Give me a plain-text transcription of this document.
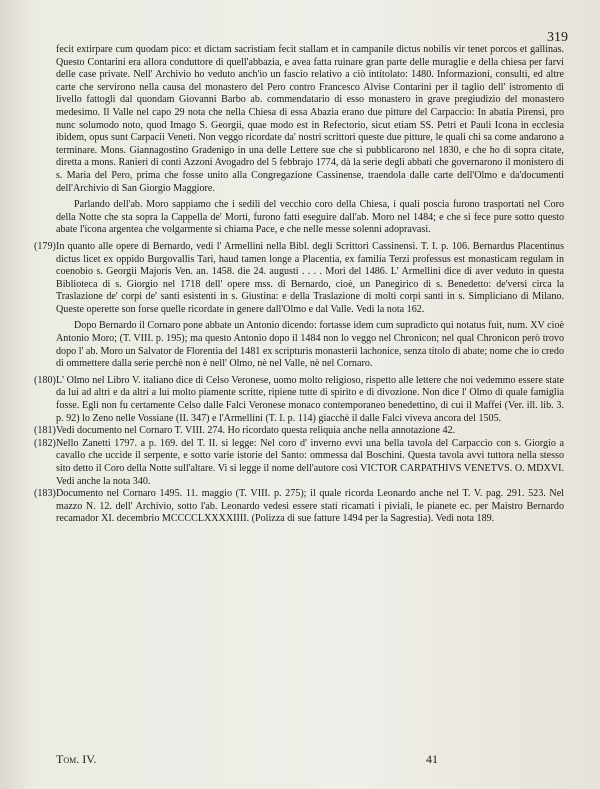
319

fecit extirpare cum quodam pico: et dictam sacristiam fecit stallam et in campanile dictus nobilis vir tenet porcos et gallinas. Questo Contarini era allora conduttore di quell'abbazia, e avea fatta ruinare gran parte delle muraglie e della chiesa per farvi delle case private. Nell' Archivio ho veduto anch'io un fascio relativo a ciò intitolato: 1480. Informazioni, consulti, ed altre carte che servirono nella causa del monastero del Pero contro Francesco Alvise Contarini per il taglio dell' istromento di livello fattogli dal quondam Giovanni Barbo ab. commendatario di esso monastero in grave pregiudizio del monastero medesimo. Il Valle nel capo 29 nota che nella Chiesa di essa Abazia erano due pitture del Carpaccio: In abatia Pirensi, pro nunc solumodo noto, quod Imago S. Georgii, quae modo est in Refectorio, sicut etiam SS. Petri et Pauli Icona in ecclesia ibidem, opus sunt Carpacii Veneti. Non veggo ricordate da' nostri scrittori queste due pitture, le quali chi sa come andarono a terminare. Mons. Giannagostino Gradenigo in una delle Lettere sue che si pubblicarono nel 1830, e che ho di sopra citate, diretta a mons. Ranieri di conti Azzoni Avogadro del 5 febbrajo 1774, dà la serie degli abbati che governarono il monistero di s. Maria del Pero, prima che fosse unito alla Congregazione Cassinense, traendola dalle carte dell'Olmo e da'documenti dell'Archivio di San Giorgio Maggiore.

Parlando dell'ab. Moro sappiamo che i sedili del vecchio coro della Chiesa, i quali poscia furono trasportati nel Coro della Notte che sta sopra la Cappella de' Morti, furono fatti eseguire dall'ab. Moro nel 1484; e che si fece pure sotto questo abate l'icona argentea che volgarmente si chiama Pace, e che nelle messe solenni adopravasi.

(179) In quanto alle opere di Bernardo, vedi l' Armellini nella Bibl. degli Scrittori Cassinensi. T. I. p. 106. Bernardus Placentinus dictus licet ex oppido Burgovallis Tari, haud tamen longe a Placentia, ex familia Terzi professus est monasticam regulam in coenobio s. Georgii Majoris Ven. an. 1458. die 24. augusti . . . . Mori del 1486. L' Armellini dice di aver veduto in questa Biblioteca di s. Giorgio nel 1718 dell' opere mss. di Bernardo, cioè, un Panegirico di s. Benedetto: de'versi circa la Traslazione de' corpi de' santi esistenti in s. Giustina: e della Traslazione di molti corpi santi in s. Simpliciano di Milano. Queste operette son forse quelle ricordate in genere dall'Olmo e dal Valle. Vedi la nota 162.

Dopo Bernardo il Cornaro pone abbate un Antonio dicendo: fortasse idem cum supradicto qui notatus fuit, num. XV cioè Antonio Moro; (T. VIII. p. 195); ma questo Antonio dopo il 1484 non lo veggo nel Chronicon; nel qual Chronicon però trovo dopo l' ab. Moro un Salvator de Florentia del 1481 ex scripturis monasterii lachonice, senza titolo di abate; nome che io credo di ommettere dalla serie perchè non è nell' Olmo, nè nel Valle, nè nel Cornaro.

(180) L' Olmo nel Libro V. italiano dice di Celso Veronese, uomo molto religioso, rispetto alle lettere che noi vedemmo essere state da lui ad altri e da altri a lui molto piamente scritte, ripiene tutte di spirito e di divozione. Non dice l' Olmo di quale famiglia fosse. Egli non fu certamente Celso dalle Falci Veronese monaco contemporaneo benedettino, di cui il Maffei (Ver. ill. lib. 3. p. 92) lo Zeno nelle Vossiane (II. 347) e l'Armellini (T. I. p. 114) giacchè il dalle Falci viveva ancora del 1505.

(181) Vedi documento nel Cornaro T. VIII. 274. Ho ricordato questa reliquia anche nella annotazione 42.

(182) Nello Zanetti 1797. a p. 169. del T. II. si legge: Nel coro d' inverno evvi una bella tavola del Carpaccio con s. Giorgio a cavallo che uccide il serpente, e sotto varie istorie del Santo: ommessa dal Boschini. Questa tavola avvi tuttora nella stesso sito detto il Coro della Notte sull'altare. Vi si legge il nome dell'autore così VICTOR CARPATHIVS VENETVS. O. MDXVI. Vedi anche la nota 340.

(183) Documento nel Cornaro 1495. 11. maggio (T. VIII. p. 275); il quale ricorda Leonardo anche nel T. V. pag. 291. 523. Nel mazzo N. 12. dell' Archivio, sotto l'ab. Leonardo vedesi essere stati ricamati i piviali, le pianete ec. per Maistro Bernardo recamador XI. decembrio MCCCCLXXXXIIII. (Polizza di sue fatture 1494 per la Sagrestia). Vedi nota 189.

Tom. IV.	41
